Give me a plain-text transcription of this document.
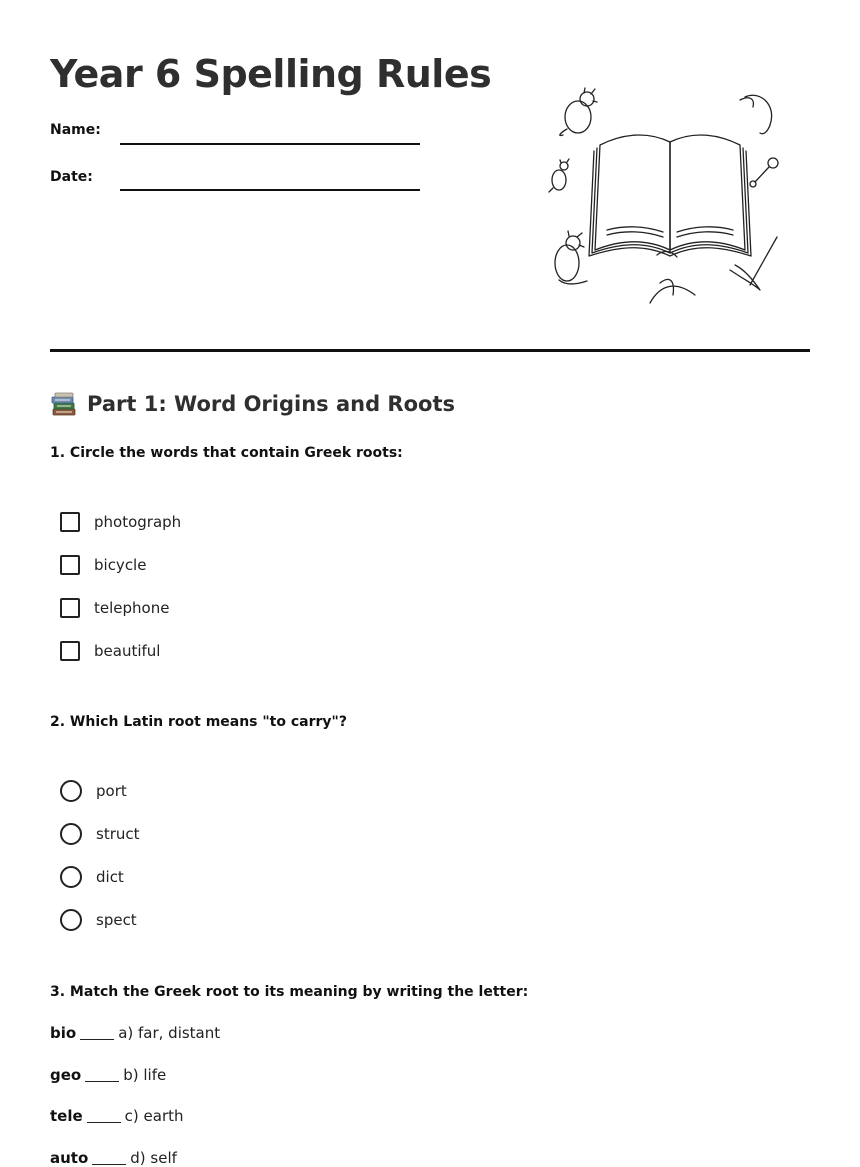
Year 6 Spelling Rules
Name:
Date:
Part 1: Word Origins and Roots
1. Circle the words that contain Greek roots:
photograph
bicycle
telephone
beautiful
2. Which Latin root means "to carry"?
port
struct
dict
spect
3. Match the Greek root to its meaning by writing the letter:
bio	a) far, distant
geo	b) life
tele	c) earth
auto	d) self
